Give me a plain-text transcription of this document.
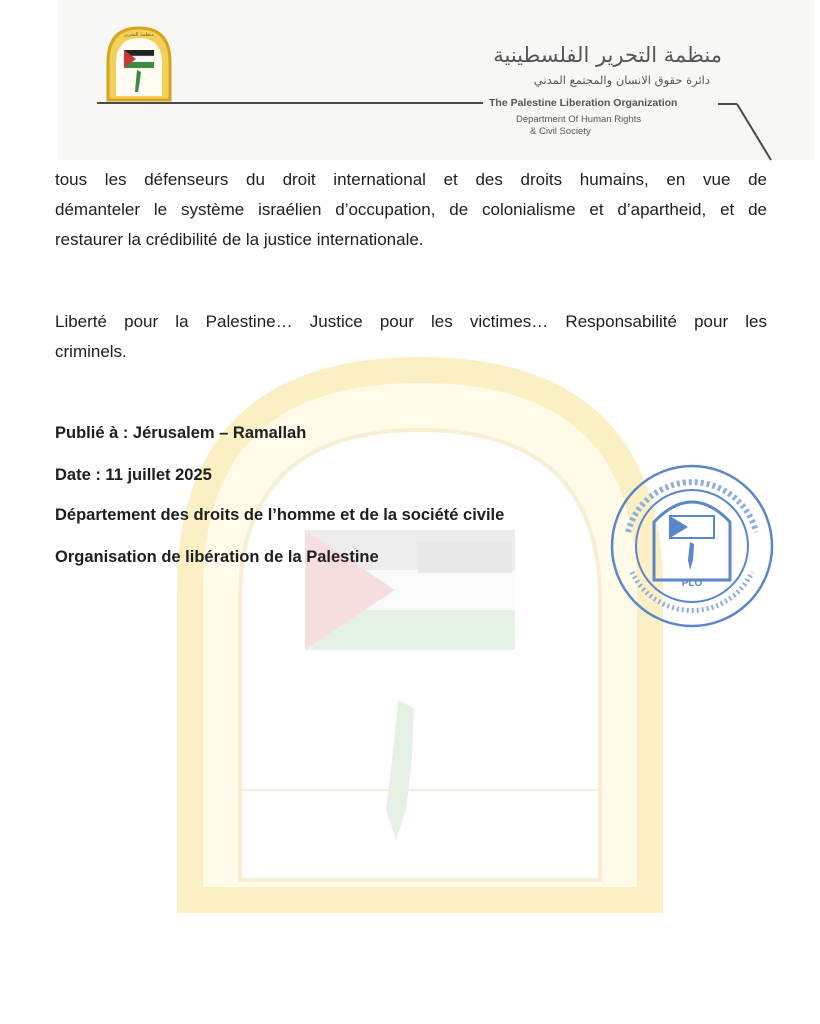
منظمة التحرير
منظمة التحرير الفلسطينية
دائرة حقوق الانسان والمجتمع المدني
The Palestine Liberation Organization
Department Of Human Rights
& Civil Society
tous les défenseurs du droit international et des droits humains, en vue de
démanteler le système israélien d’occupation, de colonialisme et d’apartheid, et de
restaurer la crédibilité de la justice internationale.
Liberté pour la Palestine… Justice pour les victimes… Responsabilité pour les
criminels.
Publié à : Jérusalem – Ramallah
Date : 11 juillet 2025
Département des droits de l’homme et de la société civile
Organisation de libération de la Palestine
PLO
